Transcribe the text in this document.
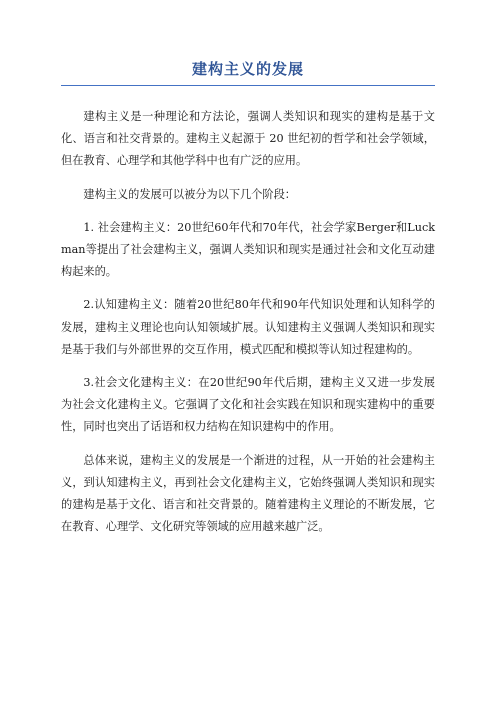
建构主义的发展

建构主义是一种理论和方法论，强调人类知识和现实的建构是基于文化、语言和社交背景的。建构主义起源于 20 世纪初的哲学和社会学领域，但在教育、心理学和其他学科中也有广泛的应用。

建构主义的发展可以被分为以下几个阶段：

1. 社会建构主义：20世纪60年代和70年代，社会学家Berger和Luckman等提出了社会建构主义，强调人类知识和现实是通过社会和文化互动建构起来的。

2.认知建构主义：随着20世纪80年代和90年代知识处理和认知科学的发展，建构主义理论也向认知领域扩展。认知建构主义强调人类知识和现实是基于我们与外部世界的交互作用，模式匹配和模拟等认知过程建构的。

3.社会文化建构主义：在20世纪90年代后期，建构主义又进一步发展为社会文化建构主义。它强调了文化和社会实践在知识和现实建构中的重要性，同时也突出了话语和权力结构在知识建构中的作用。

总体来说，建构主义的发展是一个渐进的过程，从一开始的社会建构主义，到认知建构主义，再到社会文化建构主义，它始终强调人类知识和现实的建构是基于文化、语言和社交背景的。随着建构主义理论的不断发展，它在教育、心理学、文化研究等领域的应用越来越广泛。
